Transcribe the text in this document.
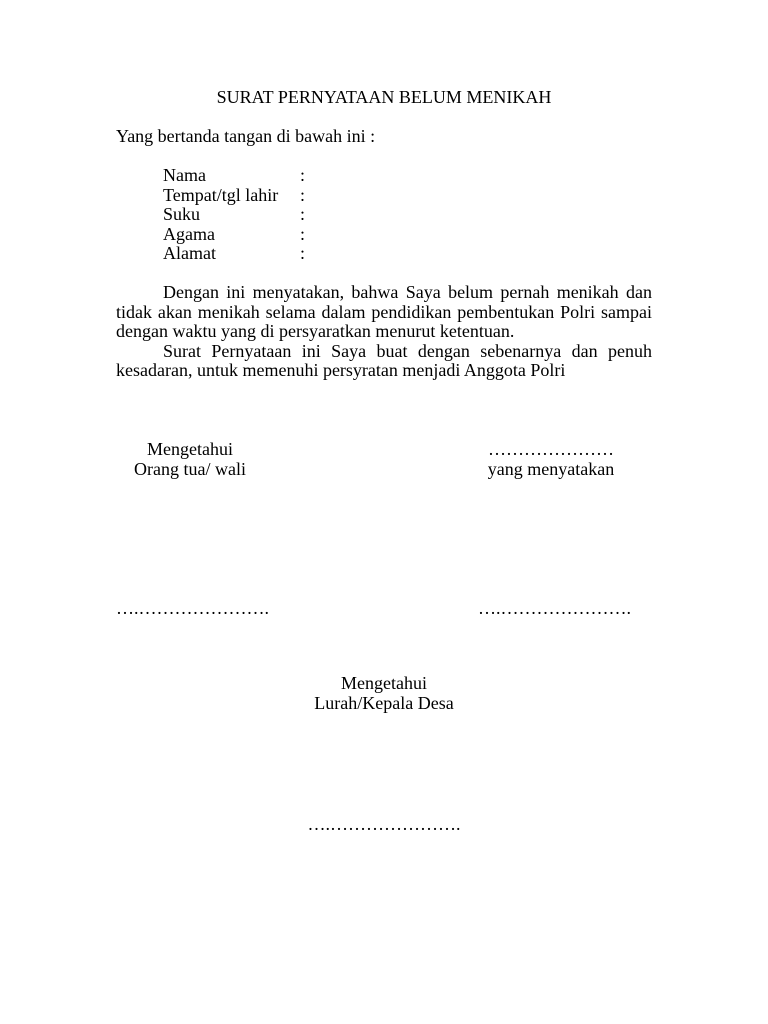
SURAT PERNYATAAN BELUM MENIKAH
Yang bertanda tangan di bawah ini :
Nama	:
Tempat/tgl lahir	:
Suku	:
Agama	:
Alamat	:

Dengan ini menyatakan, bahwa Saya belum pernah menikah dan tidak akan menikah selama dalam pendidikan pembentukan Polri sampai dengan waktu yang di persyaratkan menurut ketentuan.

Surat Pernyataan ini Saya buat dengan sebenarnya dan penuh kesadaran, untuk memenuhi persyratan menjadi Anggota Polri

Mengetahui
Orang tua/ wali
…………………
yang menyatakan
….………………….	….………………….
Mengetahui
Lurah/Kepala Desa
….………………….
